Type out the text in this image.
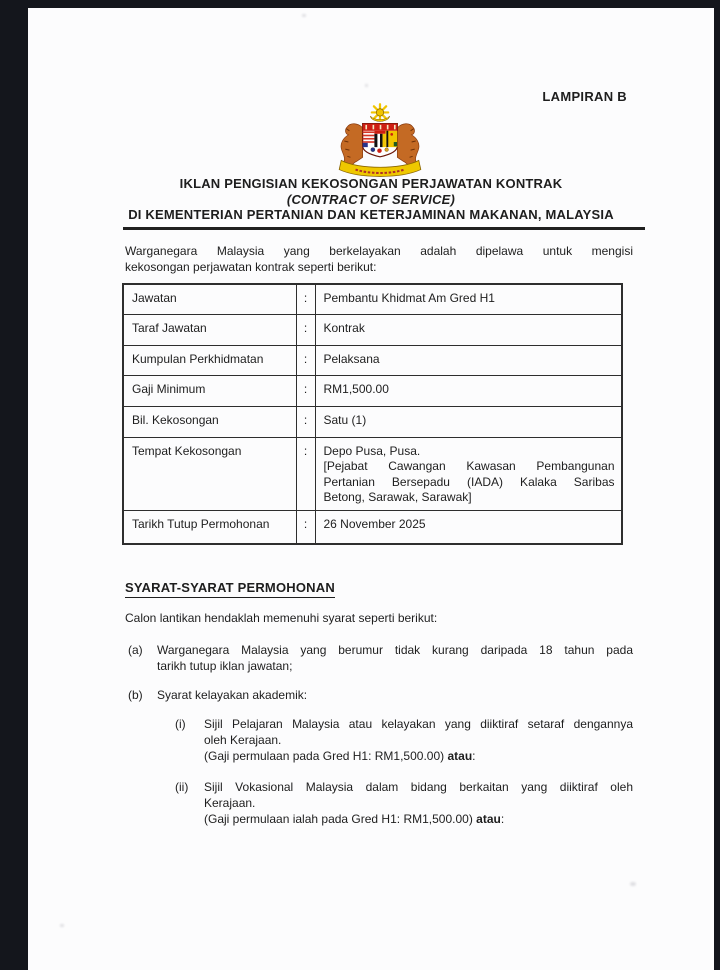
LAMPIRAN B
IKLAN PENGISIAN KEKOSONGAN PERJAWATAN KONTRAK
(CONTRACT OF SERVICE)
DI KEMENTERIAN PERTANIAN DAN KETERJAMINAN MAKANAN, MALAYSIA
Warganegara Malaysia yang berkelayakan adalah dipelawa untuk mengisi
kekosongan perjawatan kontrak seperti berikut:
Jawatan	:	Pembantu Khidmat Am Gred H1
Taraf Jawatan	:	Kontrak
Kumpulan Perkhidmatan	:	Pelaksana
Gaji Minimum	:	RM1,500.00
Bil. Kekosongan	:	Satu (1)
Tempat Kekosongan	:	Depo Pusa, Pusa.
[Pejabat Cawangan Kawasan Pembangunan
Pertanian Bersepadu (IADA) Kalaka Saribas
Betong, Sarawak, Sarawak]

Tarikh Tutup Permohonan	:	26 November 2025
SYARAT-SYARAT PERMOHONAN
Calon lantikan hendaklah memenuhi syarat seperti berikut:
(a) Warganegara Malaysia yang berumur tidak kurang daripada 18 tahun pada
tarikh tutup iklan jawatan;
(b) Syarat kelayakan akademik:
(i) Sijil Pelajaran Malaysia atau kelayakan yang diiktiraf setaraf dengannya
oleh Kerajaan.
(Gaji permulaan pada Gred H1: RM1,500.00) atau:
(ii) Sijil Vokasional Malaysia dalam bidang berkaitan yang diiktiraf oleh
Kerajaan.
(Gaji permulaan ialah pada Gred H1: RM1,500.00) atau:
